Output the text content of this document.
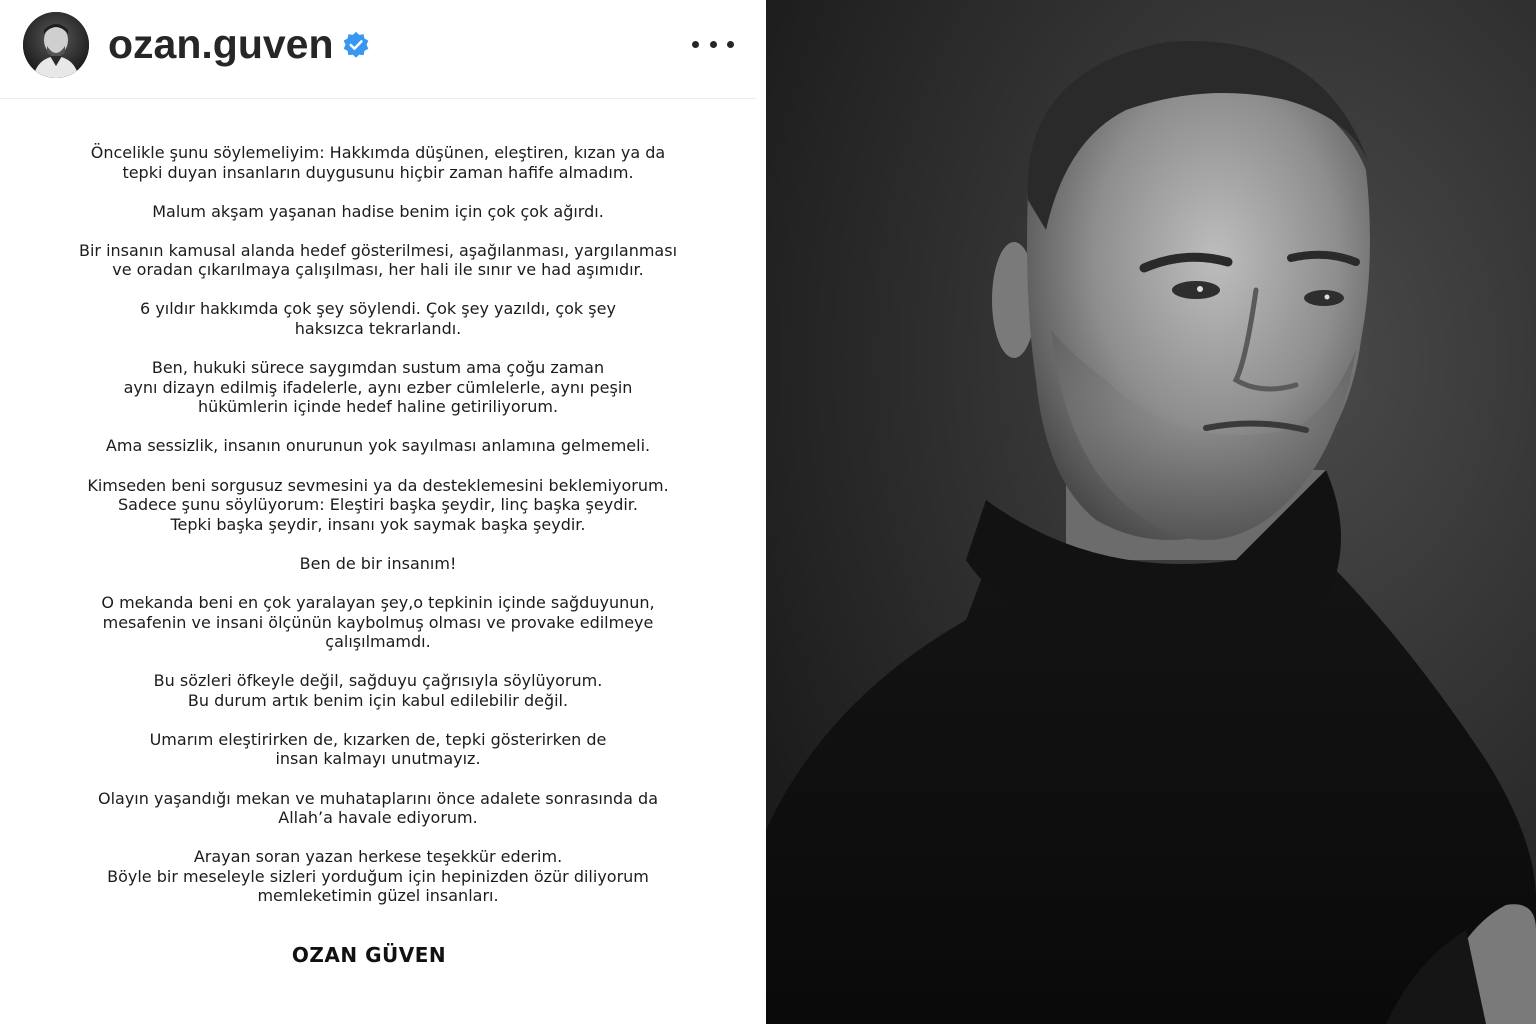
ozan.guven

Öncelikle şunu söylemeliyim: Hakkımda düşünen, eleştiren, kızan ya da
tepki duyan insanların duygusunu hiçbir zaman hafife almadım.

Malum akşam yaşanan hadise benim için çok çok ağırdı.

Bir insanın kamusal alanda hedef gösterilmesi, aşağılanması, yargılanması
ve oradan çıkarılmaya çalışılması, her hali ile sınır ve had aşımıdır.

6 yıldır hakkımda çok şey söylendi. Çok şey yazıldı, çok şey
haksızca tekrarlandı.

Ben, hukuki sürece saygımdan sustum ama çoğu zaman
aynı dizayn edilmiş ifadelerle, aynı ezber cümlelerle, aynı peşin
hükümlerin içinde hedef haline getiriliyorum.

Ama sessizlik, insanın onurunun yok sayılması anlamına gelmemeli.

Kimseden beni sorgusuz sevmesini ya da desteklemesini beklemiyorum.
Sadece şunu söylüyorum: Eleştiri başka şeydir, linç başka şeydir.
Tepki başka şeydir, insanı yok saymak başka şeydir.

Ben de bir insanım!

O mekanda beni en çok yaralayan şey,o tepkinin içinde sağduyunun,
mesafenin ve insani ölçünün kaybolmuş olması ve provake edilmeye
çalışılmamdı.

Bu sözleri öfkeyle değil, sağduyu çağrısıyla söylüyorum.
Bu durum artık benim için kabul edilebilir değil.

Umarım eleştirirken de, kızarken de, tepki gösterirken de
insan kalmayı unutmayız.

Olayın yaşandığı mekan ve muhataplarını önce adalete sonrasında da
Allah’a havale ediyorum.

Arayan soran yazan herkese teşekkür ederim.
Böyle bir meseleyle sizleri yorduğum için hepinizden özür diliyorum
memleketimin güzel insanları.

OZAN GÜVEN
